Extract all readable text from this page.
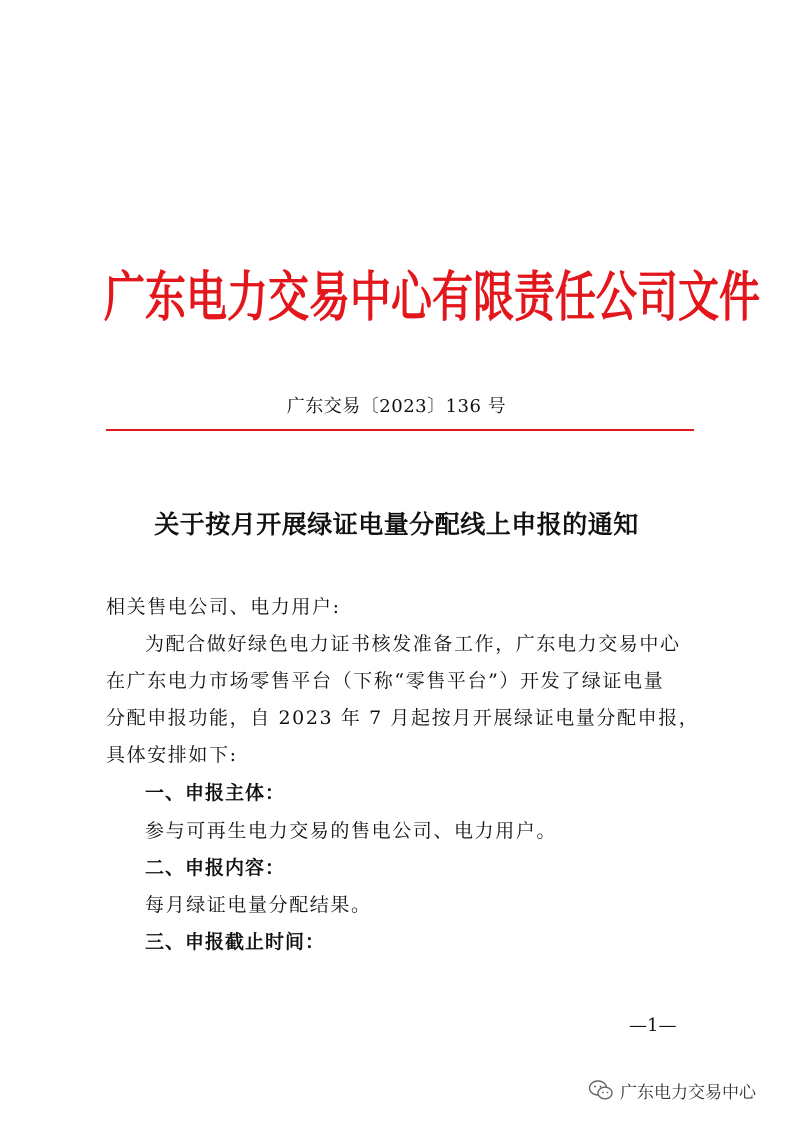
广东电力交易中心有限责任公司文件
广东交易〔2023〕136 号
关于按月开展绿证电量分配线上申报的通知
相关售电公司、电力用户:
为配合做好绿色电力证书核发准备工作，广东电力交易中心
在广东电力市场零售平台（下称“零售平台”）开发了绿证电量
分配申报功能，自 2023 年 7 月起按月开展绿证电量分配申报，
具体安排如下:
一、申报主体：
参与可再生电力交易的售电公司、电力用户。
二、申报内容：
每月绿证电量分配结果。
三、申报截止时间：
—1—
广东电力交易中心
